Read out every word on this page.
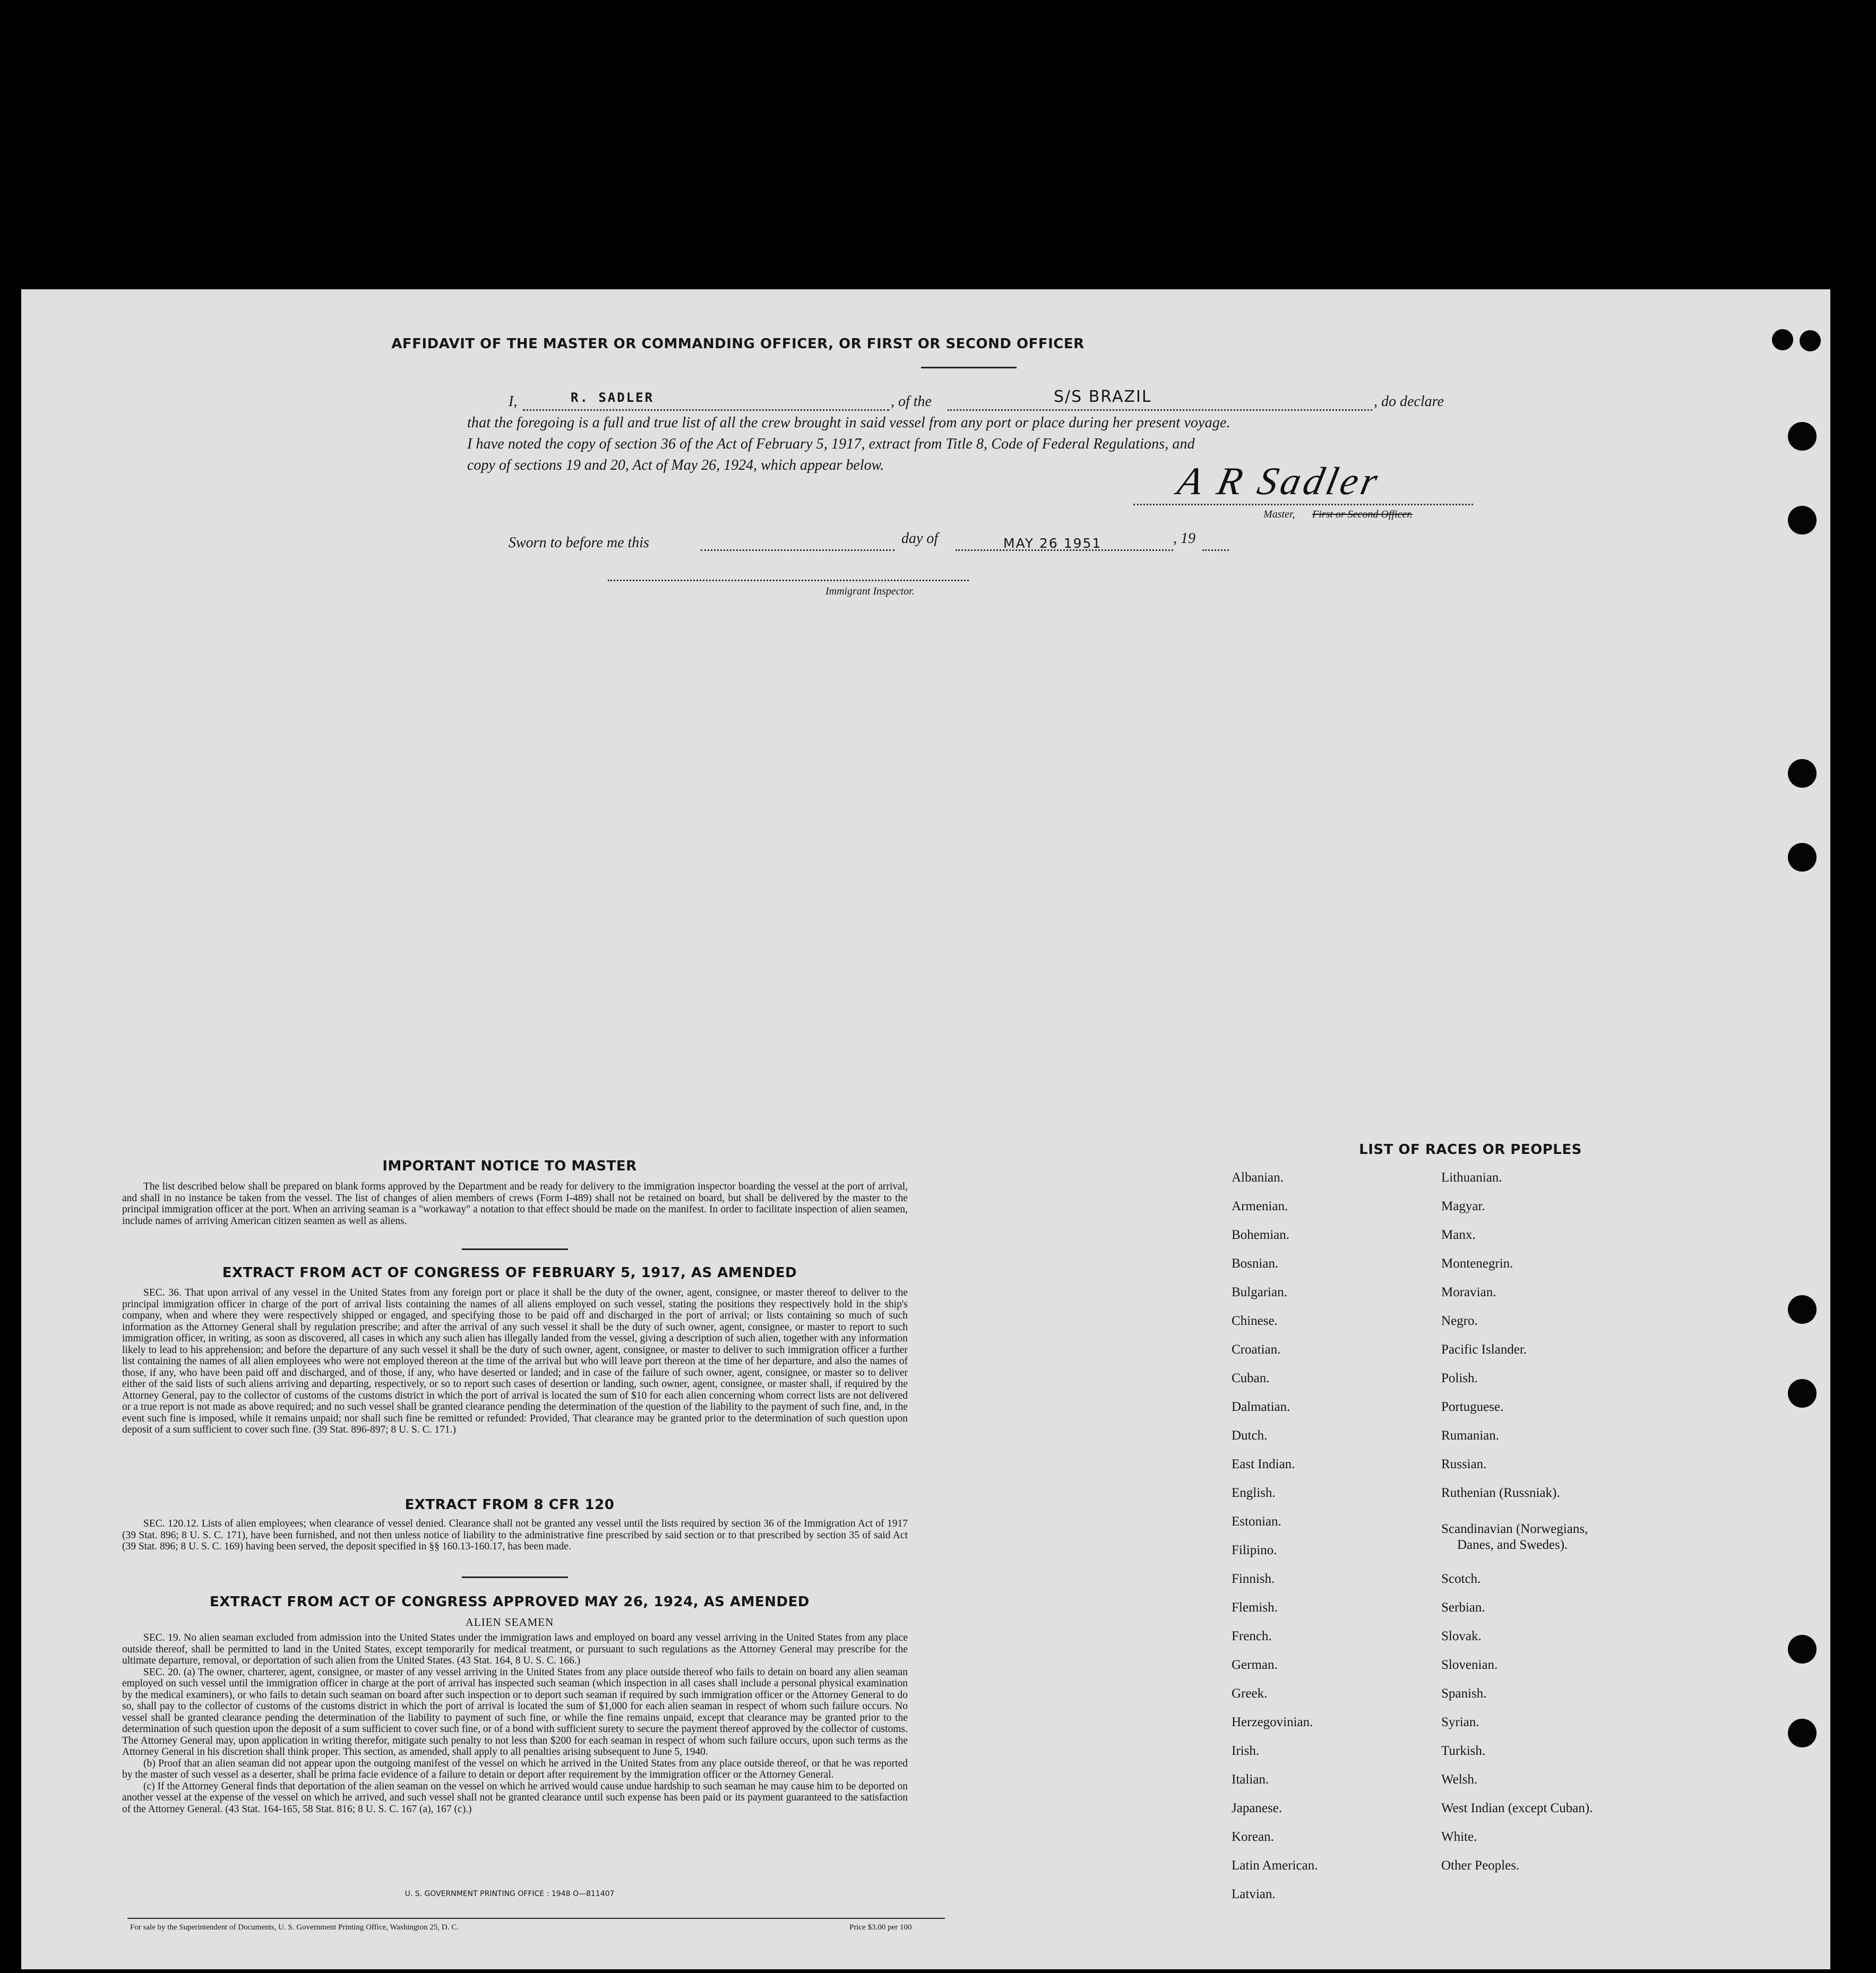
AFFIDAVIT OF THE MASTER OR COMMANDING OFFICER, OR FIRST OR SECOND OFFICER
I,	R. SADLER	, of the	S/S BRAZIL	, do declare
that the foregoing is a full and true list of all the crew brought in said vessel from any port or place during her present voyage.
I have noted the copy of section 36 of the Act of February 5, 1917, extract from Title 8, Code of Federal Regulations, and
copy of sections 19 and 20, Act of May 26, 1924, which appear below.	A R Sadler
Master, First or Second Officer.
Sworn to before me this	day of	MAY 26 1951	, 19
Immigrant Inspector.
IMPORTANT NOTICE TO MASTER

The list described below shall be prepared on blank forms approved by the Department and be ready for delivery to the immigration inspector boarding the vessel at the port of arrival, and shall in no instance be taken from the vessel. The list of changes of alien members of crews (Form I-489) shall not be retained on board, but shall be delivered by the master to the principal immigration officer at the port. When an arriving seaman is a "workaway" a notation to that effect should be made on the manifest. In order to facilitate inspection of alien seamen, include names of arriving American citizen seamen as well as aliens.

EXTRACT FROM ACT OF CONGRESS OF FEBRUARY 5, 1917, AS AMENDED

SEC. 36. That upon arrival of any vessel in the United States from any foreign port or place it shall be the duty of the owner, agent, consignee, or master thereof to deliver to the principal immigration officer in charge of the port of arrival lists containing the names of all aliens employed on such vessel, stating the positions they respectively hold in the ship's company, when and where they were respectively shipped or engaged, and specifying those to be paid off and discharged in the port of arrival; or lists containing so much of such information as the Attorney General shall by regulation prescribe; and after the arrival of any such vessel it shall be the duty of such owner, agent, consignee, or master to report to such immigration officer, in writing, as soon as discovered, all cases in which any such alien has illegally landed from the vessel, giving a description of such alien, together with any information likely to lead to his apprehension; and before the departure of any such vessel it shall be the duty of such owner, agent, consignee, or master to deliver to such immigration officer a further list containing the names of all alien employees who were not employed thereon at the time of the arrival but who will leave port thereon at the time of her departure, and also the names of those, if any, who have been paid off and discharged, and of those, if any, who have deserted or landed; and in case of the failure of such owner, agent, consignee, or master so to deliver either of the said lists of such aliens arriving and departing, respectively, or so to report such cases of desertion or landing, such owner, agent, consignee, or master shall, if required by the Attorney General, pay to the collector of customs of the customs district in which the port of arrival is located the sum of $10 for each alien concerning whom correct lists are not delivered or a true report is not made as above required; and no such vessel shall be granted clearance pending the determination of the question of the liability to the payment of such fine, and, in the event such fine is imposed, while it remains unpaid; nor shall such fine be remitted or refunded: Provided, That clearance may be granted prior to the determination of such question upon deposit of a sum sufficient to cover such fine. (39 Stat. 896-897; 8 U. S. C. 171.)

EXTRACT FROM 8 CFR 120

SEC. 120.12. Lists of alien employees; when clearance of vessel denied. Clearance shall not be granted any vessel until the lists required by section 36 of the Immigration Act of 1917 (39 Stat. 896; 8 U. S. C. 171), have been furnished, and not then unless notice of liability to the administrative fine prescribed by said section or to that prescribed by section 35 of said Act (39 Stat. 896; 8 U. S. C. 169) having been served, the deposit specified in §§ 160.13-160.17, has been made.

EXTRACT FROM ACT OF CONGRESS APPROVED MAY 26, 1924, AS AMENDED
ALIEN SEAMEN

SEC. 19. No alien seaman excluded from admission into the United States under the immigration laws and employed on board any vessel arriving in the United States from any place outside thereof, shall be permitted to land in the United States, except temporarily for medical treatment, or pursuant to such regulations as the Attorney General may prescribe for the ultimate departure, removal, or deportation of such alien from the United States. (43 Stat. 164, 8 U. S. C. 166.)

SEC. 20. (a) The owner, charterer, agent, consignee, or master of any vessel arriving in the United States from any place outside thereof who fails to detain on board any alien seaman employed on such vessel until the immigration officer in charge at the port of arrival has inspected such seaman (which inspection in all cases shall include a personal physical examination by the medical examiners), or who fails to detain such seaman on board after such inspection or to deport such seaman if required by such immigration officer or the Attorney General to do so, shall pay to the collector of customs of the customs district in which the port of arrival is located the sum of $1,000 for each alien seaman in respect of whom such failure occurs. No vessel shall be granted clearance pending the determination of the liability to payment of such fine, or while the fine remains unpaid, except that clearance may be granted prior to the determination of such question upon the deposit of a sum sufficient to cover such fine, or of a bond with sufficient surety to secure the payment thereof approved by the collector of customs. The Attorney General may, upon application in writing therefor, mitigate such penalty to not less than $200 for each seaman in respect of whom such failure occurs, upon such terms as the Attorney General in his discretion shall think proper. This section, as amended, shall apply to all penalties arising subsequent to June 5, 1940.

(b) Proof that an alien seaman did not appear upon the outgoing manifest of the vessel on which he arrived in the United States from any place outside thereof, or that he was reported by the master of such vessel as a deserter, shall be prima facie evidence of a failure to detain or deport after requirement by the immigration officer or the Attorney General.

(c) If the Attorney General finds that deportation of the alien seaman on the vessel on which he arrived would cause undue hardship to such seaman he may cause him to be deported on another vessel at the expense of the vessel on which he arrived, and such vessel shall not be granted clearance until such expense has been paid or its payment guaranteed to the satisfaction of the Attorney General. (43 Stat. 164-165, 58 Stat. 816; 8 U. S. C. 167 (a), 167 (c).)

U. S. GOVERNMENT PRINTING OFFICE : 1948 O—811407
For sale by the Superintendent of Documents, U. S. Government Printing Office, Washington 25, D. C.	Price $3.00 per 100
LIST OF RACES OR PEOPLES
Albanian.
Armenian.
Bohemian.
Bosnian.
Bulgarian.
Chinese.
Croatian.
Cuban.
Dalmatian.
Dutch.
East Indian.
English.
Estonian.
Filipino.
Finnish.
Flemish.
French.
German.
Greek.
Herzegovinian.
Irish.
Italian.
Japanese.
Korean.
Latin American.
Latvian.
Lithuanian.
Magyar.
Manx.
Montenegrin.
Moravian.
Negro.
Pacific Islander.
Polish.
Portuguese.
Rumanian.
Russian.
Ruthenian (Russniak).
Scandinavian (Norwegians,
Danes, and Swedes).
Scotch.
Serbian.
Slovak.
Slovenian.
Spanish.
Syrian.
Turkish.
Welsh.
West Indian (except Cuban).
White.
Other Peoples.
